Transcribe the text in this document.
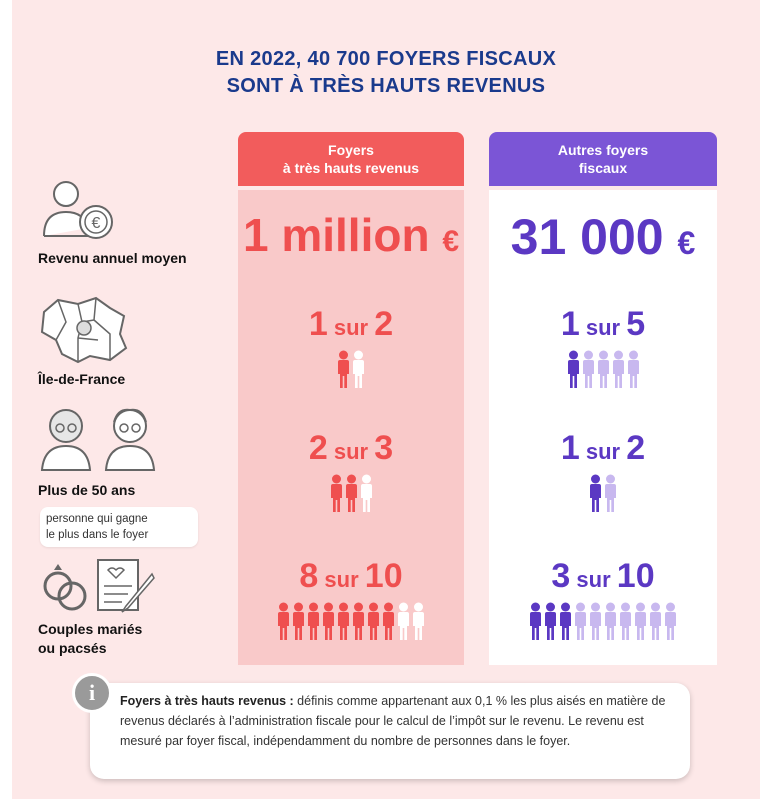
EN 2022, 40 700 FOYERS FISCAUX
SONT À TRÈS HAUTS REVENUS
€
Revenu annuel moyen
Île-de-France
Plus de 50 ans
personne qui gagne
le plus dans le foyer
Couples mariés
ou pacsés
Foyers
à très hauts revenus
1 million €
1 sur 2
2 sur 3
8 sur 10
Autres foyers
fiscaux
31 000 €
1 sur 5
1 sur 2
3 sur 10
i	Foyers à très hauts revenus : définis comme appartenant aux 0,1 % les plus aisés en matière de revenus déclarés à l’administration fiscale pour le calcul de l’impôt sur le revenu. Le revenu est mesuré par foyer fiscal, indépendamment du nombre de personnes dans le foyer.
